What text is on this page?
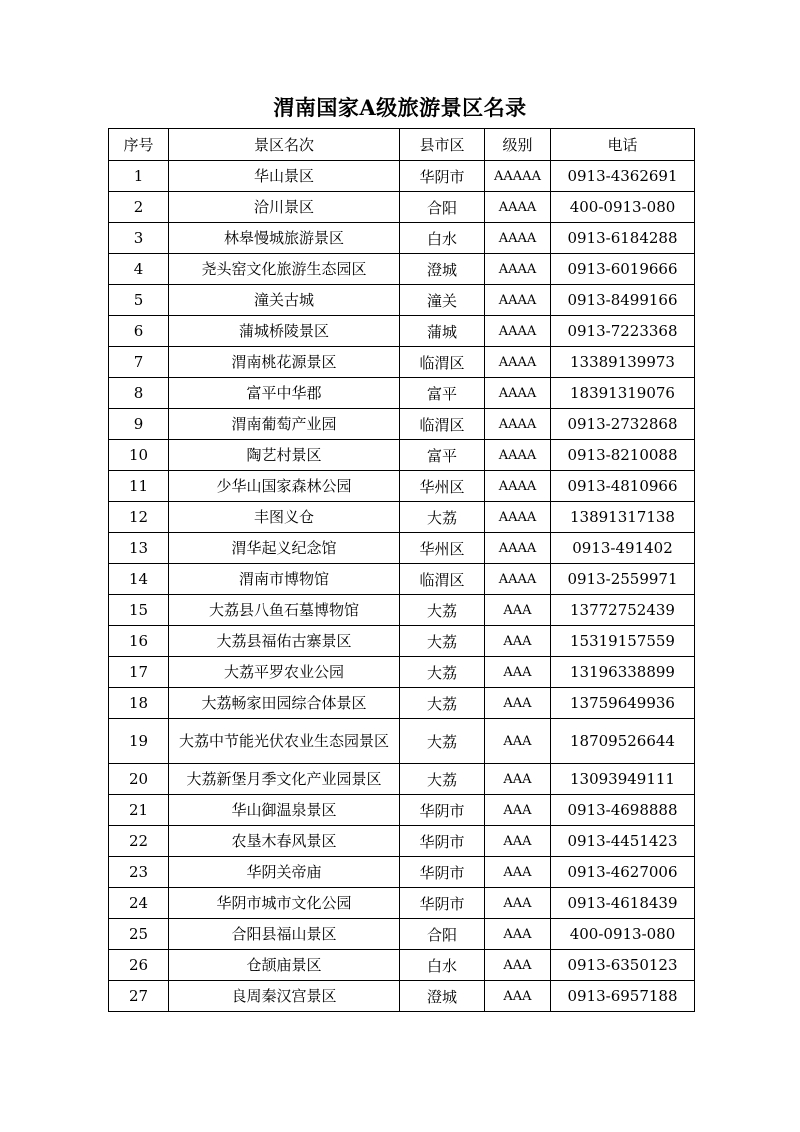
渭南国家A级旅游景区名录
序号	景区名次	县市区	级别	电话
1	华山景区	华阴市	AAAAA	0913-4362691
2	洽川景区	合阳	AAAA	400-0913-080
3	林皋慢城旅游景区	白水	AAAA	0913-6184288
4	尧头窑文化旅游生态园区	澄城	AAAA	0913-6019666
5	潼关古城	潼关	AAAA	0913-8499166
6	蒲城桥陵景区	蒲城	AAAA	0913-7223368
7	渭南桃花源景区	临渭区	AAAA	13389139973
8	富平中华郡	富平	AAAA	18391319076
9	渭南葡萄产业园	临渭区	AAAA	0913-2732868
10	陶艺村景区	富平	AAAA	0913-8210088
11	少华山国家森林公园	华州区	AAAA	0913-4810966
12	丰图义仓	大荔	AAAA	13891317138
13	渭华起义纪念馆	华州区	AAAA	0913-491402
14	渭南市博物馆	临渭区	AAAA	0913-2559971
15	大荔县八鱼石墓博物馆	大荔	AAA	13772752439
16	大荔县福佑古寨景区	大荔	AAA	15319157559
17	大荔平罗农业公园	大荔	AAA	13196338899
18	大荔畅家田园综合体景区	大荔	AAA	13759649936
19	大荔中节能光伏农业生态园景区	大荔	AAA	18709526644
20	大荔新堡月季文化产业园景区	大荔	AAA	13093949111
21	华山御温泉景区	华阴市	AAA	0913-4698888
22	农垦木春风景区	华阴市	AAA	0913-4451423
23	华阴关帝庙	华阴市	AAA	0913-4627006
24	华阴市城市文化公园	华阴市	AAA	0913-4618439
25	合阳县福山景区	合阳	AAA	400-0913-080
26	仓颉庙景区	白水	AAA	0913-6350123
27	良周秦汉宫景区	澄城	AAA	0913-6957188
